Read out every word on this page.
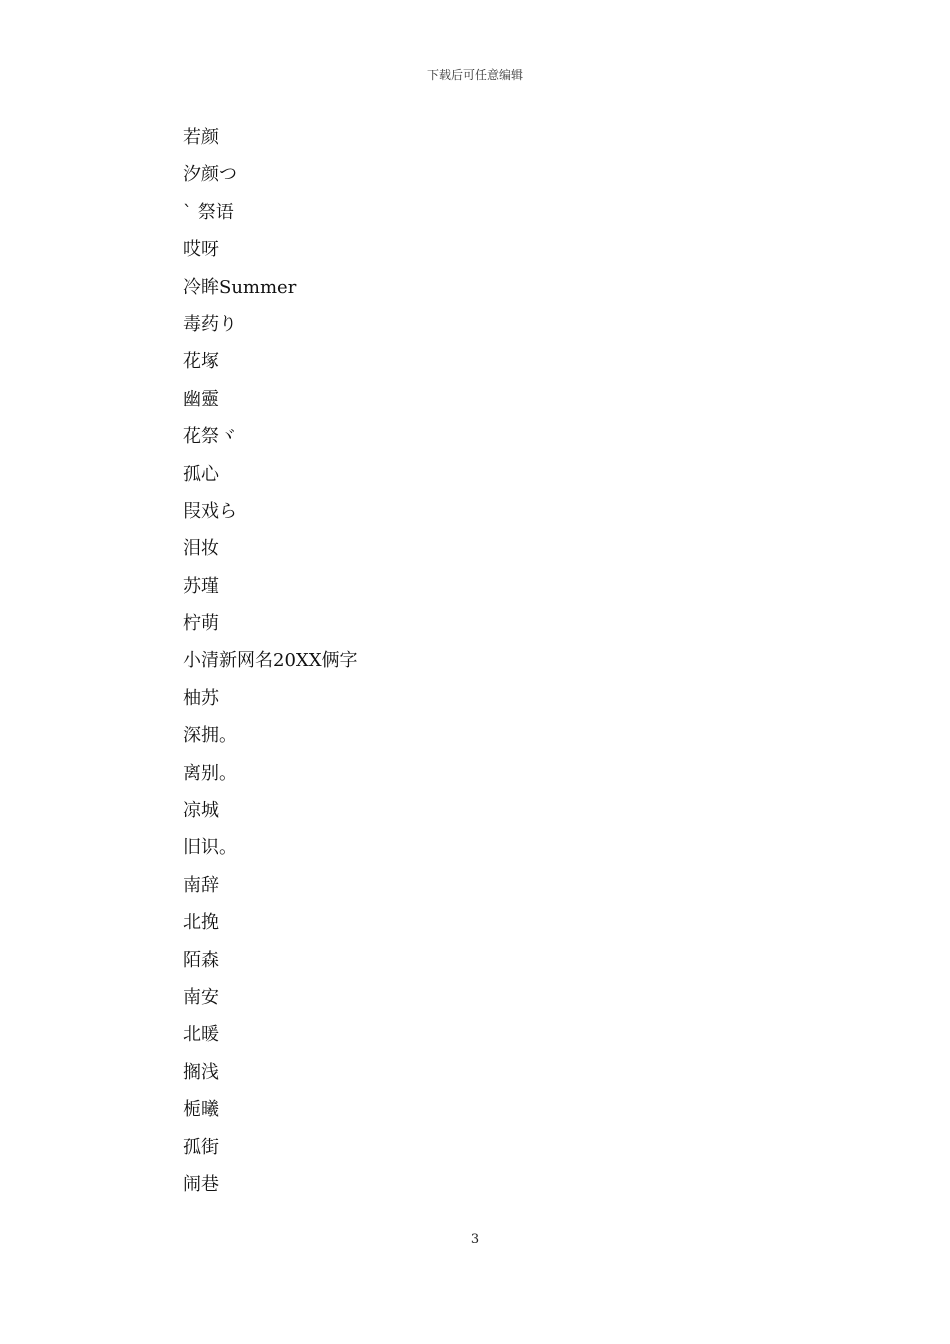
下载后可任意编辑
若颜
汐颜つ
` 祭语
哎呀
冷眸Summer
毒药り
花塚
幽靈
花祭ヾ
孤心
叚戏ら
泪妆
苏瑾
柠萌
小清新网名20XX俩字
柚苏
深拥。
离别。
凉城
旧识。
南辞
北挽
陌森
南安
北暖
搁浅
栀曦
孤街
闹巷
3
